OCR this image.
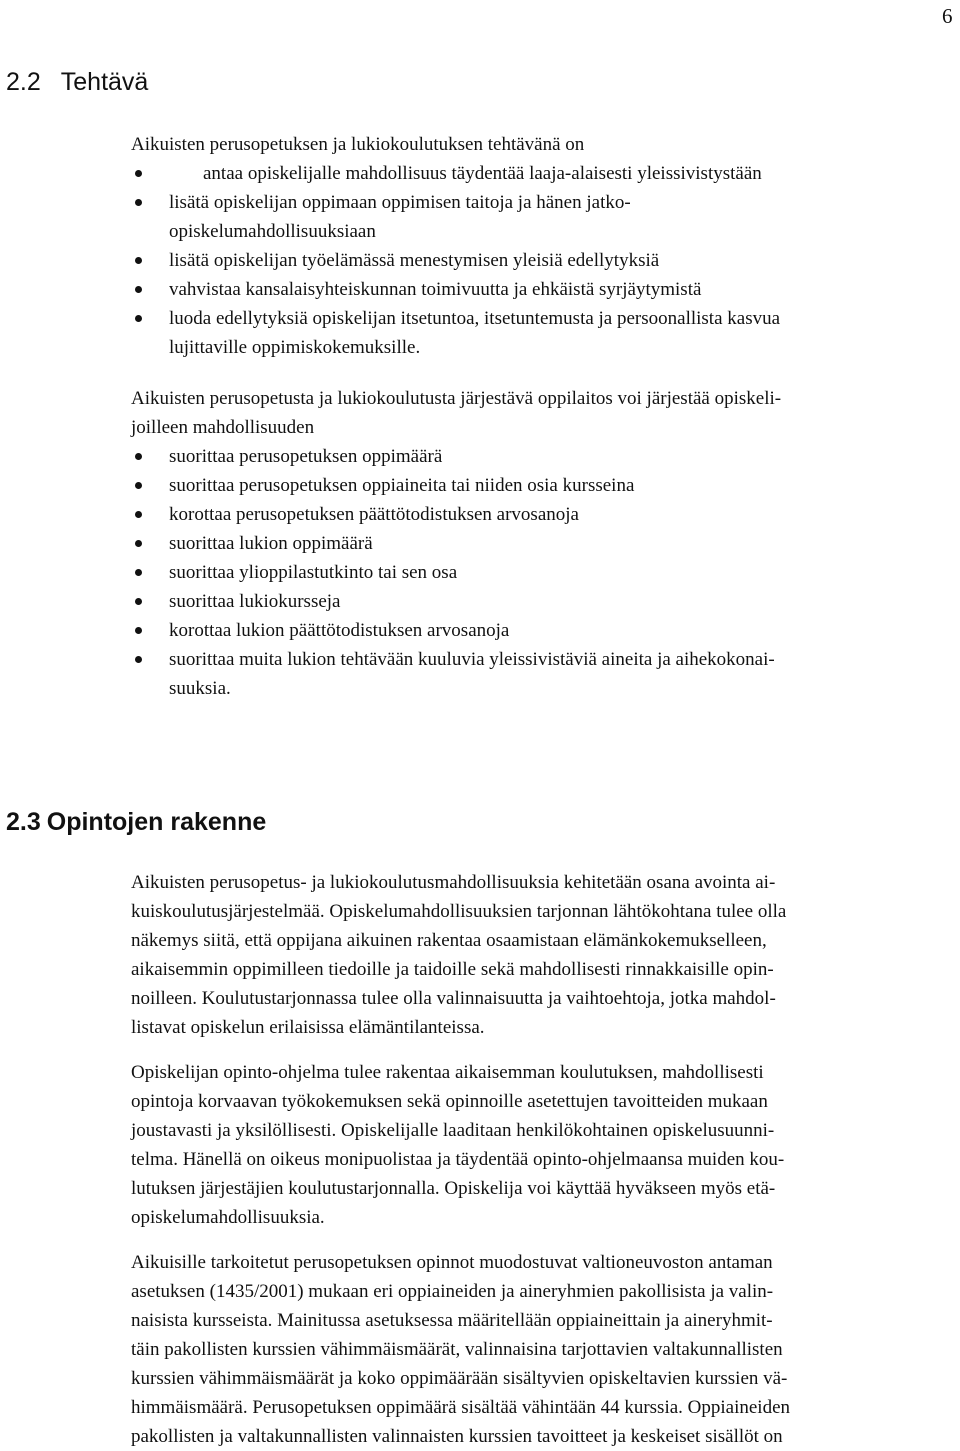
6
2.2 Tehtävä
Aikuisten perusopetuksen ja lukiokoulutuksen tehtävänä on
antaa opiskelijalle mahdollisuus täydentää laaja-alaisesti yleissivistystään
lisätä opiskelijan oppimaan oppimisen taitoja ja hänen jatko-
opiskelumahdollisuuksiaan
lisätä opiskelijan työelämässä menestymisen yleisiä edellytyksiä
vahvistaa kansalaisyhteiskunnan toimivuutta ja ehkäistä syrjäytymistä
luoda edellytyksiä opiskelijan itsetuntoa, itsetuntemusta ja persoonallista kasvua
lujittaville oppimiskokemuksille.
Aikuisten perusopetusta ja lukiokoulutusta järjestävä oppilaitos voi järjestää opiskeli-
joilleen mahdollisuuden
suorittaa perusopetuksen oppimäärä
suorittaa perusopetuksen oppiaineita tai niiden osia kursseina
korottaa perusopetuksen päättötodistuksen arvosanoja
suorittaa lukion oppimäärä
suorittaa ylioppilastutkinto tai sen osa
suorittaa lukiokursseja
korottaa lukion päättötodistuksen arvosanoja
suorittaa muita lukion tehtävään kuuluvia yleissivistäviä aineita ja aihekokonai-
suuksia.
2.3 Opintojen rakenne
Aikuisten perusopetus- ja lukiokoulutusmahdollisuuksia kehitetään osana avointa ai-
kuiskoulutusjärjestelmää. Opiskelumahdollisuuksien tarjonnan lähtökohtana tulee olla
näkemys siitä, että oppijana aikuinen rakentaa osaamistaan elämänkokemukselleen,
aikaisemmin oppimilleen tiedoille ja taidoille sekä mahdollisesti rinnakkaisille opin-
noilleen. Koulutustarjonnassa tulee olla valinnaisuutta ja vaihtoehtoja, jotka mahdol-
listavat opiskelun erilaisissa elämäntilanteissa.
Opiskelijan opinto-ohjelma tulee rakentaa aikaisemman koulutuksen, mahdollisesti
opintoja korvaavan työkokemuksen sekä opinnoille asetettujen tavoitteiden mukaan
joustavasti ja yksilöllisesti. Opiskelijalle laaditaan henkilökohtainen opiskelusuunni-
telma. Hänellä on oikeus monipuolistaa ja täydentää opinto-ohjelmaansa muiden kou-
lutuksen järjestäjien koulutustarjonnalla. Opiskelija voi käyttää hyväkseen myös etä-
opiskelumahdollisuuksia.
Aikuisille tarkoitetut perusopetuksen opinnot muodostuvat valtioneuvoston antaman
asetuksen (1435/2001) mukaan eri oppiaineiden ja aineryhmien pakollisista ja valin-
naisista kursseista. Mainitussa asetuksessa määritellään oppiaineittain ja aineryhmit-
täin pakollisten kurssien vähimmäismäärät, valinnaisina tarjottavien valtakunnallisten
kurssien vähimmäismäärät ja koko oppimäärään sisältyvien opiskeltavien kurssien vä-
himmäismäärä. Perusopetuksen oppimäärä sisältää vähintään 44 kurssia. Oppiaineiden
pakollisten ja valtakunnallisten valinnaisten kurssien tavoitteet ja keskeiset sisällöt on
